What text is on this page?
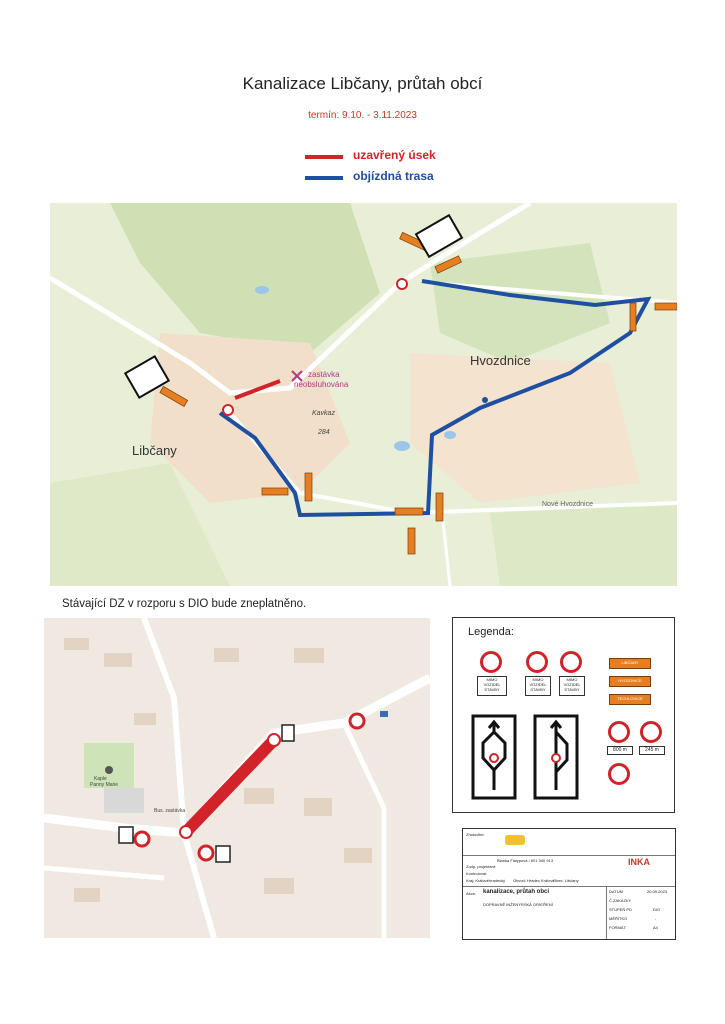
Kanalizace Libčany, průtah obcí
termín: 9.10. - 3.11.2023
uzavřený úsek
objízdná trasa
Libčany
Hvozdnice
Nové Hvozdnice
zastávka
neobsluhována
Kavkaz
284
Stávající DZ v rozporu s DIO bude zneplatněno.
Kaple
Panny Marie
Bus. zastávka
Legenda:
MIMO VOZIDEL STAVBY
MIMO VOZIDEL STAVBY
MIMO VOZIDEL STAVBY
LIBČANY
HVOZDNICE
TECHLOVICE
800 m	245 m
Zhotovitel:
Blanka Fialypová / 601 340 913	INKA
Zodp. projektant:
Kontroloval:
Kraj: Královéhradecký Obvod: Hradec Králové
Obec: Libčany
Akce: kanalizace, průtah obcí
DOPRAVNĚ INŽENÝRSKÁ OPATŘENÍ
DATUM	20.09.2023
Č.ZAKÁZKY
STUPEŇ PD	DIO
MĚŘÍTKO	-
FORMÁT	A4
